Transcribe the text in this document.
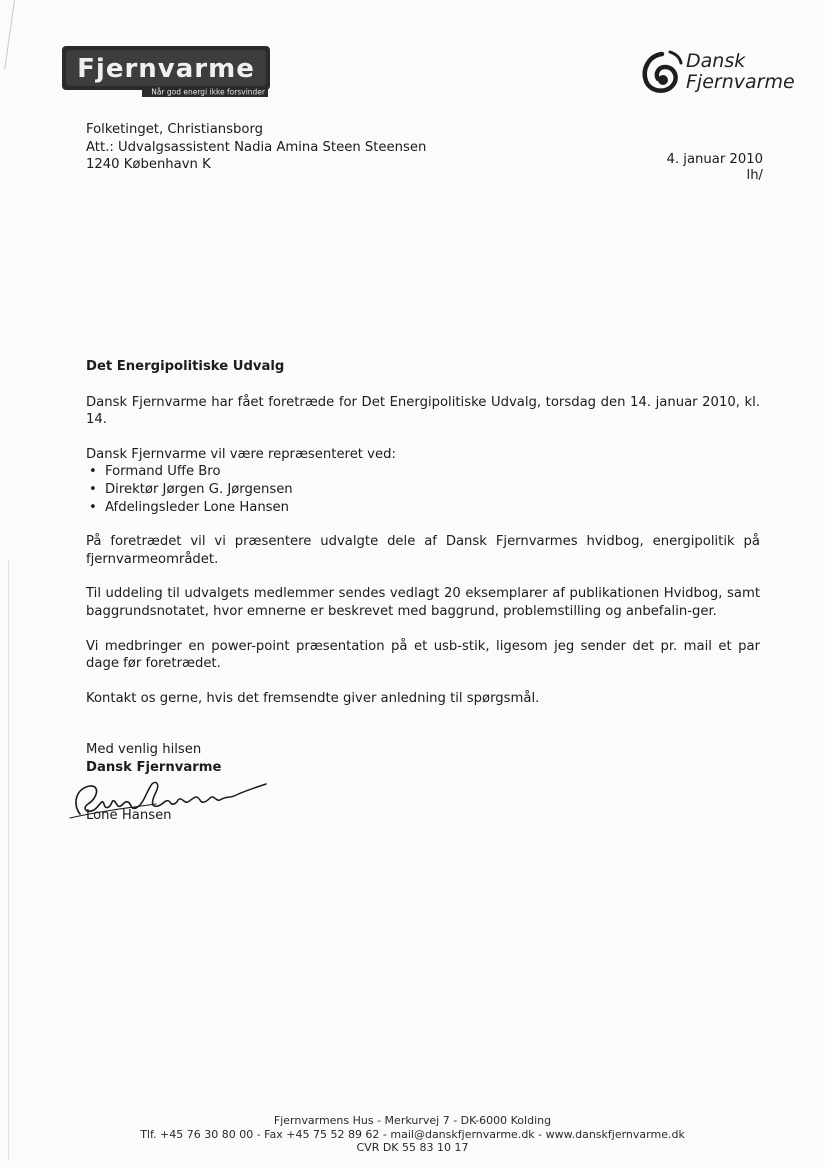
Fjernvarme
Når god energi ikke forsvinder
Dansk
Fjernvarme
Folketinget, Christiansborg
Att.: Udvalgsassistent Nadia Amina Steen Steensen
1240 København K	4. januar 2010
lh/

Det Energipolitiske Udvalg

Dansk Fjernvarme har fået foretræde for Det Energipolitiske Udvalg, torsdag den 14. januar 2010, kl. 14.

Dansk Fjernvarme vil være repræsenteret ved:

• Formand Uffe Bro
• Direktør Jørgen G. Jørgensen
• Afdelingsleder Lone Hansen

På foretrædet vil vi præsentere udvalgte dele af Dansk Fjernvarmes hvidbog, energipolitik på fjernvarmeområdet.

Til uddeling til udvalgets medlemmer sendes vedlagt 20 eksemplarer af publikationen Hvidbog, samt baggrundsnotatet, hvor emnerne er beskrevet med baggrund, problemstilling og anbefalin-ger.

Vi medbringer en power-point præsentation på et usb-stik, ligesom jeg sender det pr. mail et par dage før foretrædet.

Kontakt os gerne, hvis det fremsendte giver anledning til spørgsmål.

Med venlig hilsen
Dansk Fjernvarme
Lone Hansen
Fjernvarmens Hus - Merkurvej 7 - DK-6000 Kolding
Tlf. +45 76 30 80 00 - Fax +45 75 52 89 62 - mail@danskfjernvarme.dk - www.danskfjernvarme.dk
CVR DK 55 83 10 17
